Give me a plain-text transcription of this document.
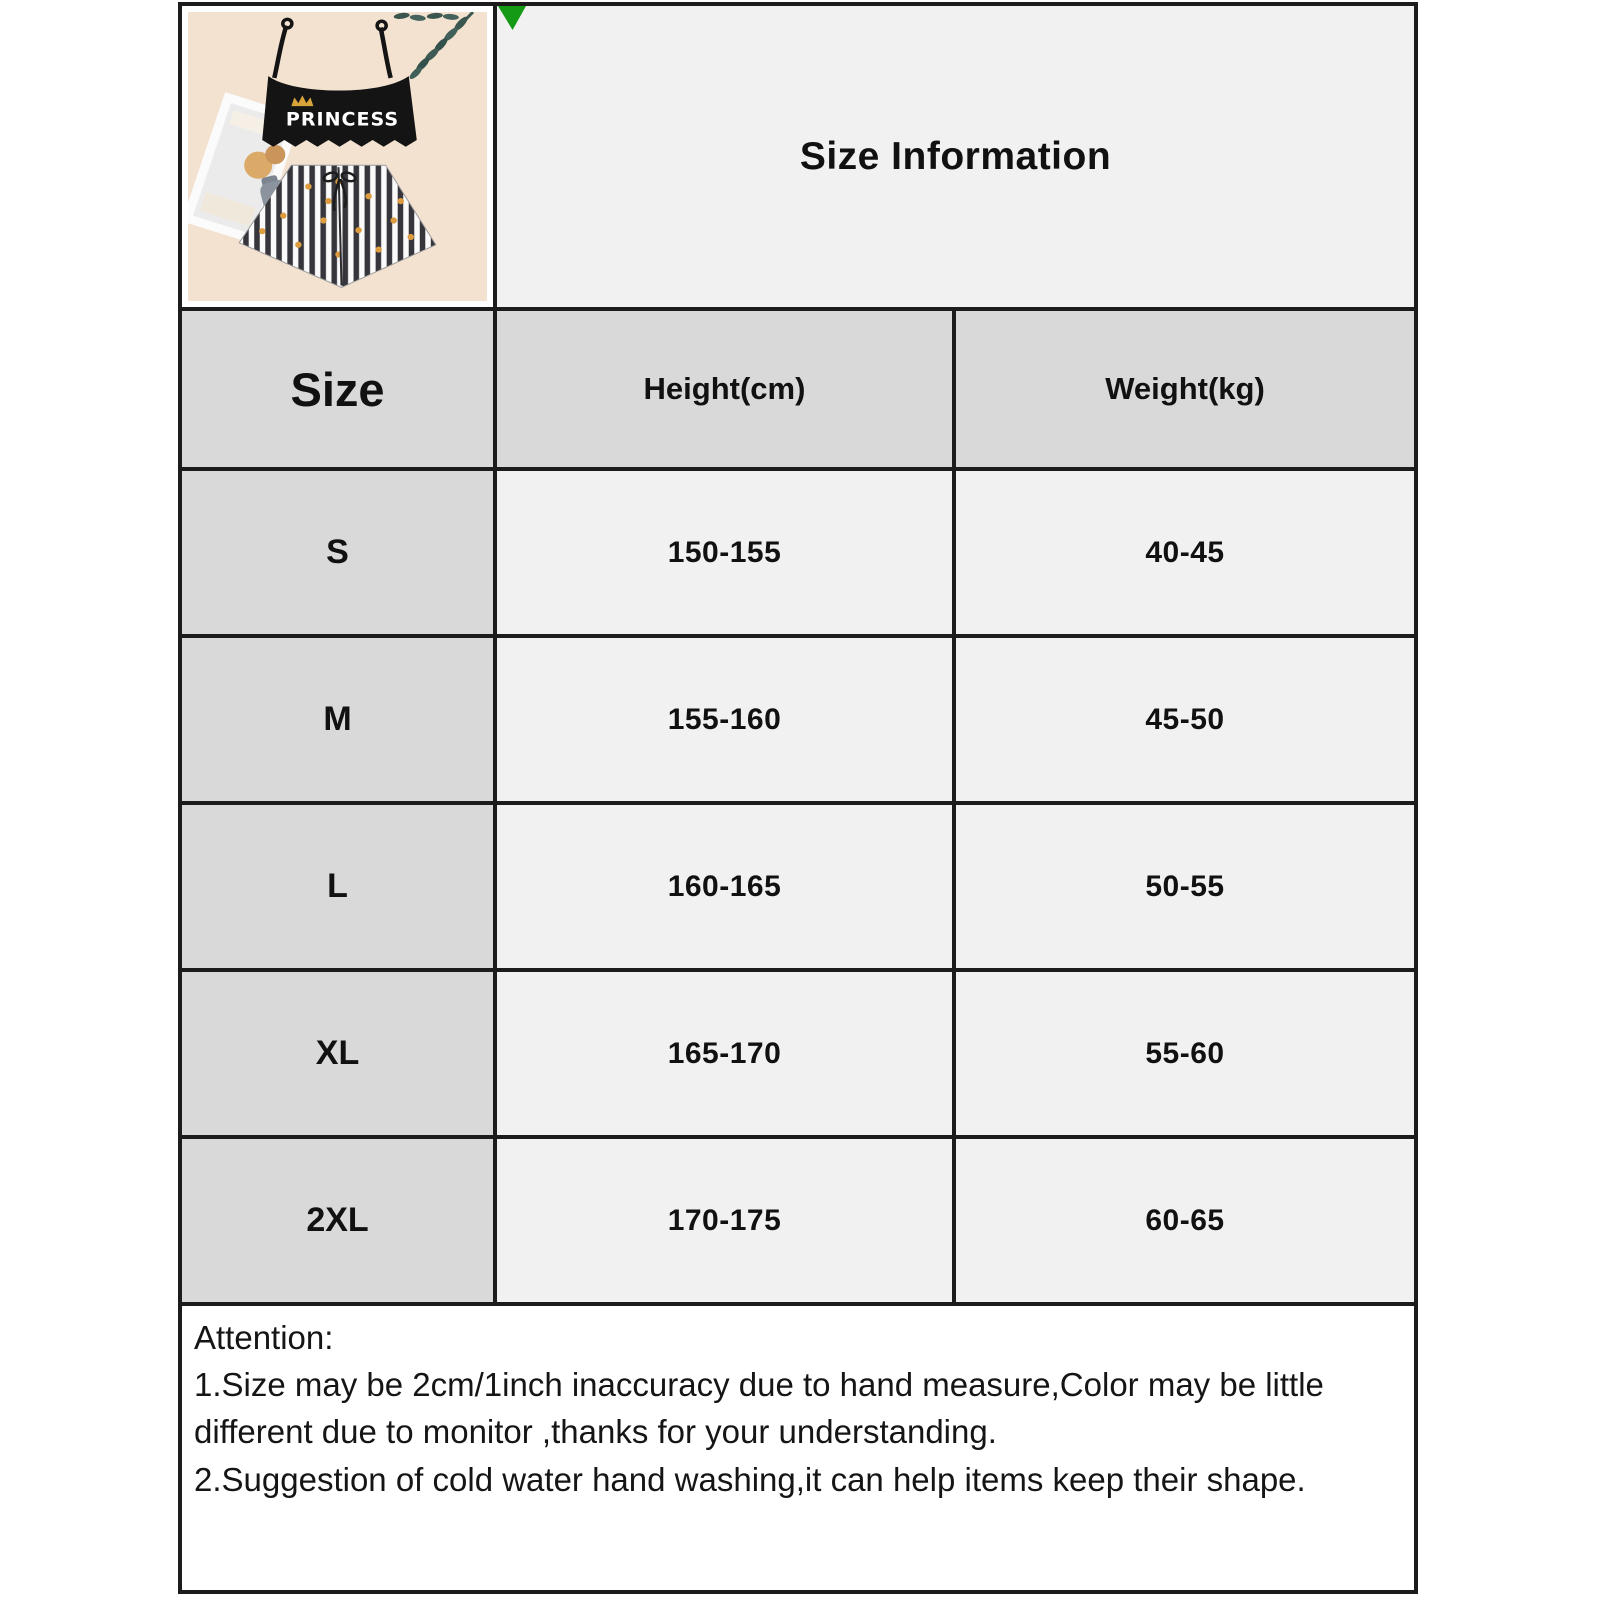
PRINCESS
Size Information
Size	Height(cm)	Weight(kg)
S	150-155	40-45
M	155-160	45-50
L	160-165	50-55
XL	165-170	55-60
2XL	170-175	60-65
Attention:
1.Size may be 2cm/1inch inaccuracy due to hand measure,Color may be little different due to monitor ,thanks for your understanding.
2.Suggestion of cold water hand washing,it can help items keep their shape.
